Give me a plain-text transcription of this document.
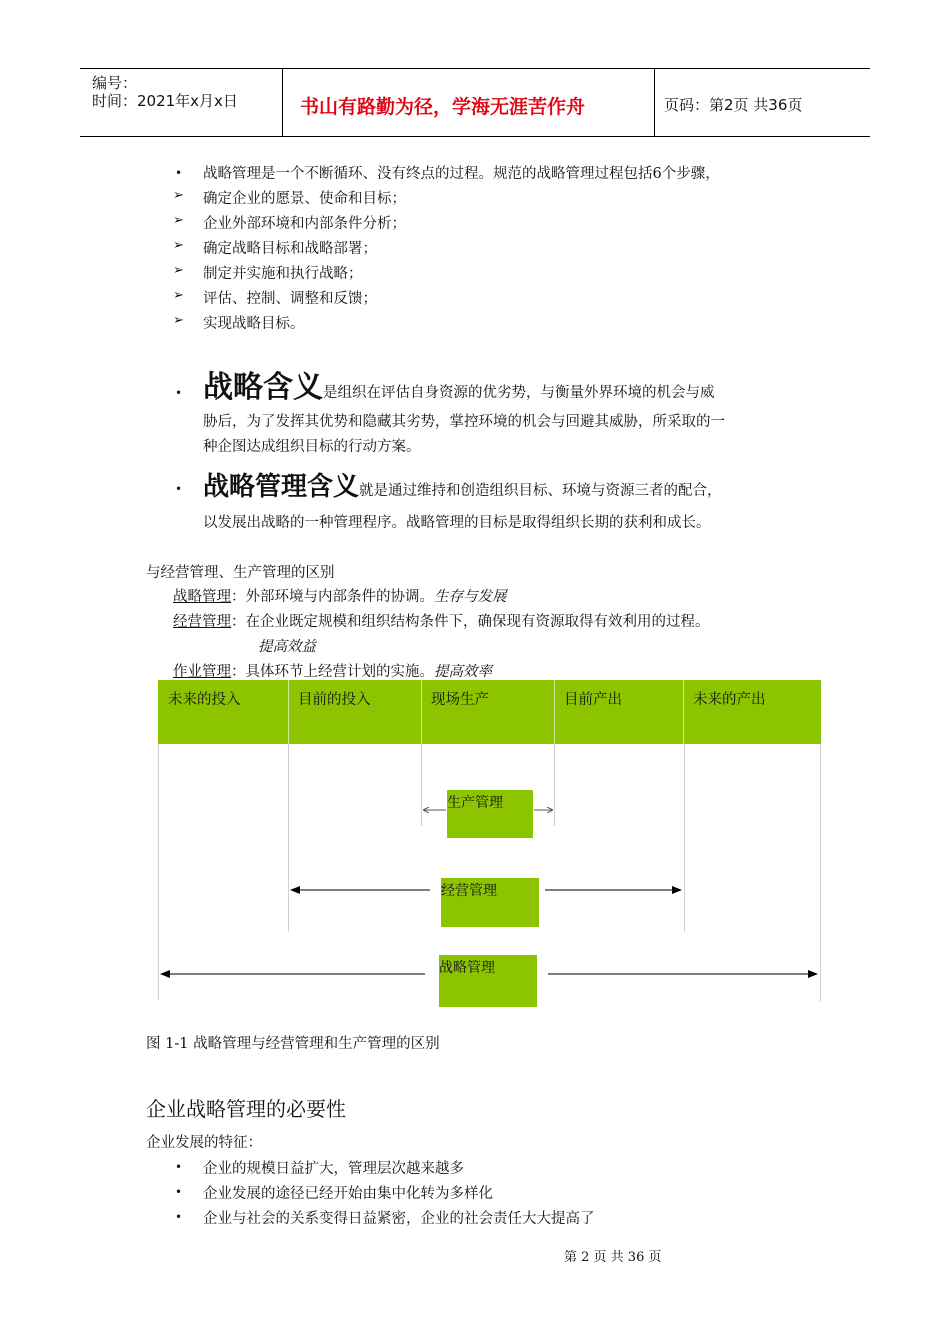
编号：
时间：2021年x月x日	书山有路勤为径，学海无涯苦作舟	页码：第2页 共36页
• 战略管理是一个不断循环、没有终点的过程。规范的战略管理过程包括6个步骤，
➢ 确定企业的愿景、使命和目标；
➢ 企业外部环境和内部条件分析；
➢ 确定战略目标和战略部署；
➢ 制定并实施和执行战略；
➢ 评估、控制、调整和反馈；
➢ 实现战略目标。
• 战略含义是组织在评估自身资源的优劣势，与衡量外界环境的机会与威
胁后，为了发挥其优势和隐藏其劣势，掌控环境的机会与回避其威胁，所采取的一
种企图达成组织目标的行动方案。
• 战略管理含义就是通过维持和创造组织目标、环境与资源三者的配合，
以发展出战略的一种管理程序。战略管理的目标是取得组织长期的获利和成长。
与经营管理、生产管理的区别
战略管理：外部环境与内部条件的协调。生存与发展
经营管理：在企业既定规模和组织结构条件下，确保现有资源取得有效利用的过程。
提高效益
作业管理：具体环节上经营计划的实施。提高效率
未来的投入	目前的投入	现场生产	目前产出	未来的产出
生产管理
经营管理
战略管理
图 1-1 战略管理与经营管理和生产管理的区别
企业战略管理的必要性
企业发展的特征：
• 企业的规模日益扩大，管理层次越来越多
• 企业发展的途径已经开始由集中化转为多样化
• 企业与社会的关系变得日益紧密，企业的社会责任大大提高了
第 2 页 共 36 页
